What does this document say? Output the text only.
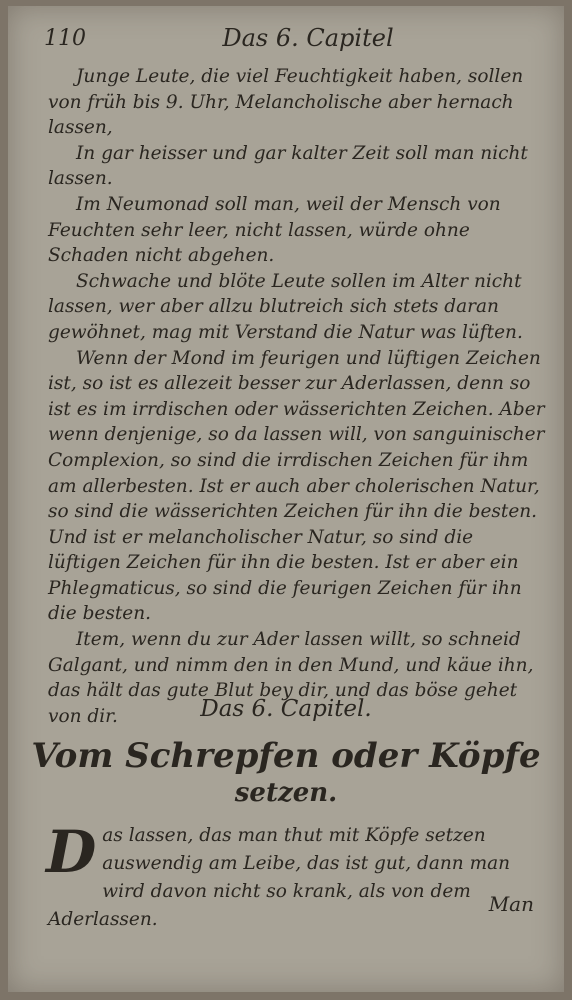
110	Das 6. Capitel

Junge Leute, die viel Feuchtigkeit haben, sollen von früh bis 9. Uhr, Melancholische aber hernach lassen,

In gar heisser und gar kalter Zeit soll man nicht lassen.

Im Neumonad soll man, weil der Mensch von Feuchten sehr leer, nicht lassen, würde ohne Schaden nicht abgehen.

Schwache und blöte Leute sollen im Alter nicht lassen, wer aber allzu blutreich sich stets daran gewöhnet, mag mit Verstand die Natur was lüften.

Wenn der Mond im feurigen und lüftigen Zeichen ist, so ist es allezeit besser zur Aderlassen, denn so ist es im irrdischen oder wässerichten Zeichen. Aber wenn denjenige, so da lassen will, von sanguinischer Complexion, so sind die irrdischen Zeichen für ihm am allerbesten. Ist er auch aber cholerischen Natur, so sind die wässerichten Zeichen für ihn die besten. Und ist er melancholischer Natur, so sind die lüftigen Zeichen für ihn die besten. Ist er aber ein Phlegmaticus, so sind die feurigen Zeichen für ihn die besten.

Item, wenn du zur Ader lassen willt, so schneid Galgant, und nimm den in den Mund, und käue ihn, das hält das gute Blut bey dir, und das böse gehet von dir.	Das 6. Capitel.
Vom Schrepfen oder Köpfe
setzen.
D as lassen, das man thut mit Köpfe setzen auswendig am Leibe, das ist gut, dann man wird davon nicht so krank, als von dem Aderlassen.
Man
